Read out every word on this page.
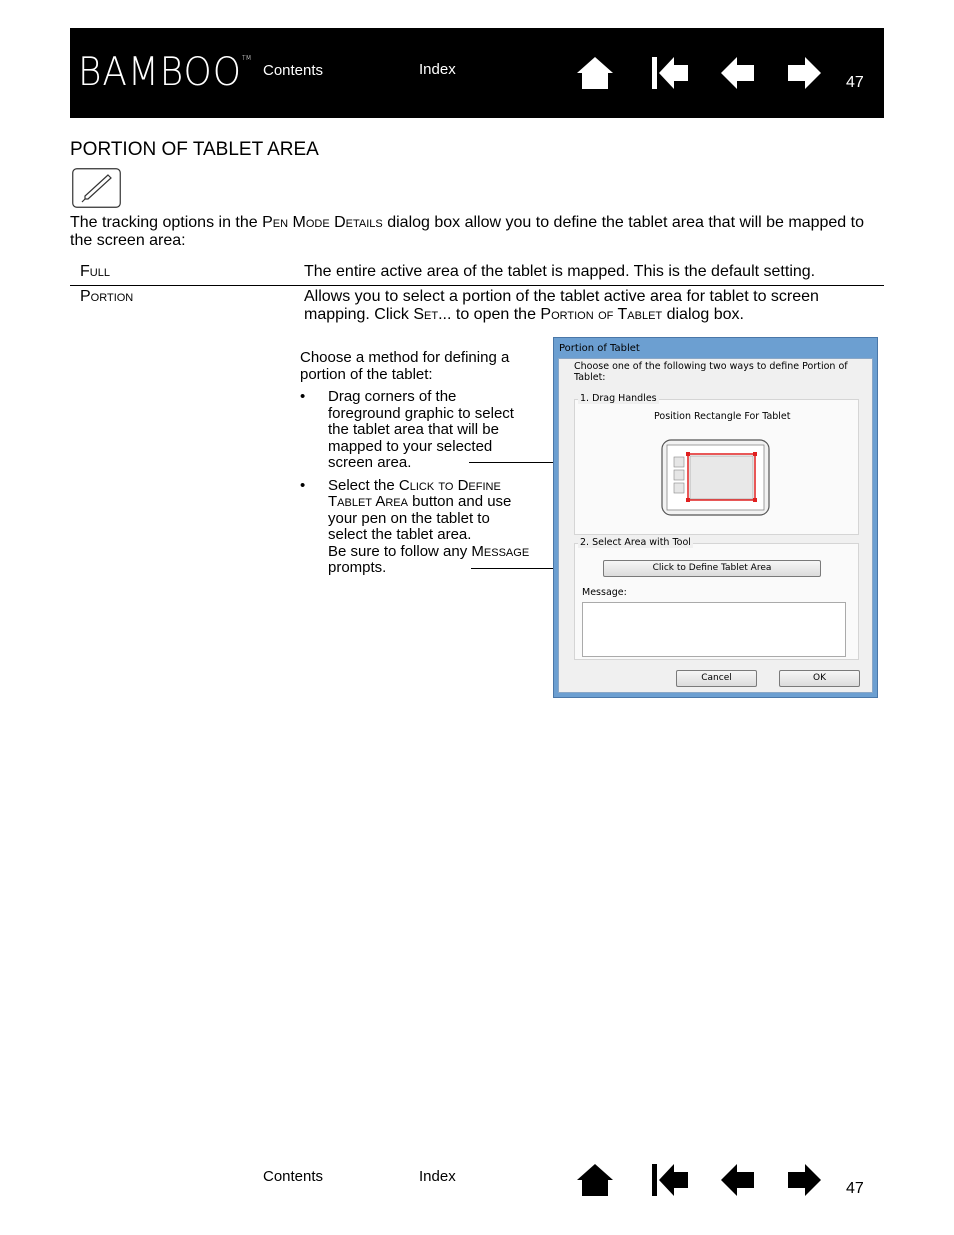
BAMBOO™
Contents	Index
47
PORTION OF TABLET AREA
The tracking options in the Pen Mode Details dialog box allow you to define the tablet area that will be mapped to the screen area:
Full	The entire active area of the tablet is mapped. This is the default setting.
Portion	Allows you to select a portion of the tablet active area for tablet to screen mapping. Click Set... to open the Portion of Tablet dialog box.
Choose a method for defining a portion of the tablet:
• Drag corners of the foreground graphic to select the tablet area that will be mapped to your selected screen area.
• Select the Click to Define Tablet Area button and use your pen on the tablet to select the tablet area.
Be sure to follow any Message prompts.
Portion of Tablet
Choose one of the following two ways to define Portion of Tablet:
1. Drag Handles
Position Rectangle For Tablet
2. Select Area with Tool
Click to Define Tablet Area
Message:
Cancel	OK
Contents	Index
47
